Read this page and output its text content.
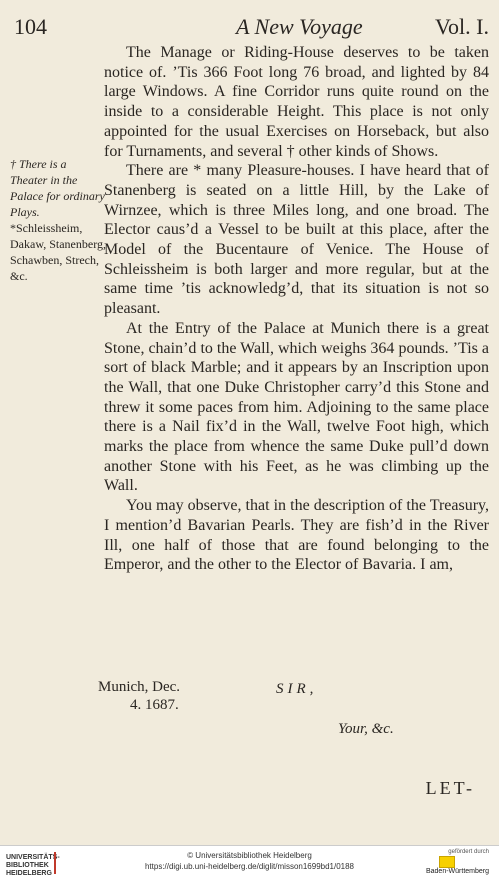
104	A New Voyage	Vol. I.
† There is a Theater in the Palace for ordinary Plays.
*Schleissheim, Dakaw, Stanenberg, Schawben, Strech, &c.

The Manage or Riding-House deserves to be taken notice of. ’Tis 366 Foot long 76 broad, and lighted by 84 large Windows. A fine Corridor runs quite round on the inside to a considerable Height. This place is not only appointed for the usual Exercises on Horseback, but also for Turnaments, and several † other kinds of Shows.

There are * many Pleasure-houses. I have heard that of Stanenberg is seated on a little Hill, by the Lake of Wirnzee, which is three Miles long, and one broad. The Elector caus’d a Vessel to be built at this place, after the Model of the Bucentaure of Venice. The House of Schleissheim is both larger and more regular, but at the same time ’tis acknowledg’d, that its situation is not so pleasant.

At the Entry of the Palace at Munich there is a great Stone, chain’d to the Wall, which weighs 364 pounds. ’Tis a sort of black Marble; and it appears by an Inscription upon the Wall, that one Duke Christopher carry’d this Stone and threw it some paces from him. Adjoining to the same place there is a Nail fix’d in the Wall, twelve Foot high, which marks the place from whence the same Duke pull’d down another Stone with his Feet, as he was climbing up the Wall.

You may observe, that in the description of the Treasury, I mention’d Bavarian Pearls. They are fish’d in the River Ill, one half of those that are found belonging to the Emperor, and the other to the Elector of Bavaria. I am,

Munich, Dec.
4. 1687.
SIR,
Your, &c.
LET-
UNIVERSITÄTS-BIBLIOTHEK HEIDELBERG
© Universitätsbibliothek Heidelberg
https://digi.ub.uni-heidelberg.de/diglit/misson1699bd1/0188
gefördert durch
Baden-Württemberg
